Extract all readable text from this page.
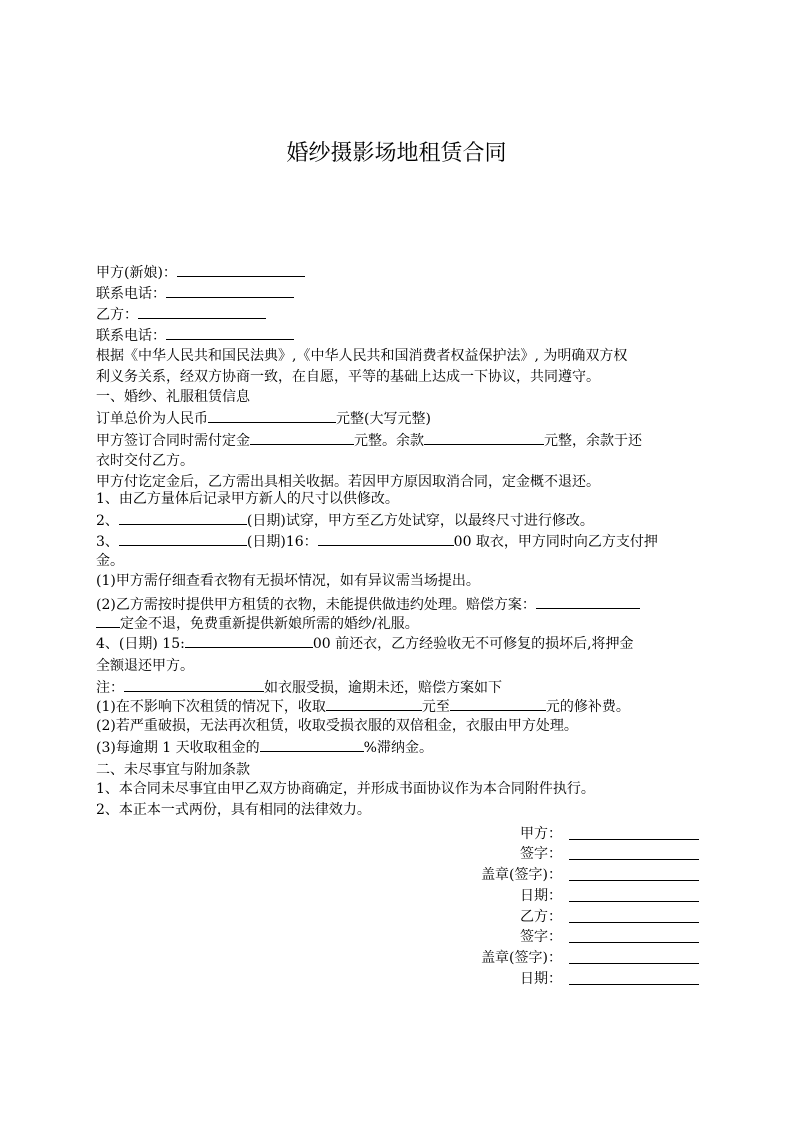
婚纱摄影场地租赁合同
甲方(新娘)：
联系电话：
乙方：
联系电话：
根据《中华人民共和国民法典》,《中华人民共和国消费者权益保护法》, 为明确双方权
利义务关系，经双方协商一致，在自愿，平等的基础上达成一下协议，共同遵守。
一、婚纱、礼服租赁信息
订单总价为人民币	元整(大写元整)
甲方签订合同时需付定金	元整。余款	元整，余款于还
衣时交付乙方。
甲方付讫定金后，乙方需出具相关收据。若因甲方原因取消合同，定金概不退还。
1、由乙方量体后记录甲方新人的尺寸以供修改。
2、	(日期)试穿，甲方至乙方处试穿，以最终尺寸进行修改。
3、	(日期)16：	00 取衣，甲方同时向乙方支付押
金。
(1)甲方需仔细查看衣物有无损坏情况，如有异议需当场提出。
(2)乙方需按时提供甲方租赁的衣物，未能提供做违约处理。赔偿方案：
定金不退，免费重新提供新娘所需的婚纱/礼服。
4、(日期) 15:	00 前还衣，乙方经验收无不可修复的损坏后,将押金
全额退还甲方。
注：	如衣服受损，逾期未还，赔偿方案如下
(1)在不影响下次租赁的情况下，收取	元至	元的修补费。
(2)若严重破损，无法再次租赁，收取受损衣服的双倍租金，衣服由甲方处理。
(3)每逾期 1 天收取租金的	%滞纳金。
二、未尽事宜与附加条款
1、本合同未尽事宜由甲乙双方协商确定，并形成书面协议作为本合同附件执行。
2、本正本一式两份，具有相同的法律效力。
甲方：
签字：
盖章(签字)：
日期：
乙方：
签字：
盖章(签字)：
日期：
